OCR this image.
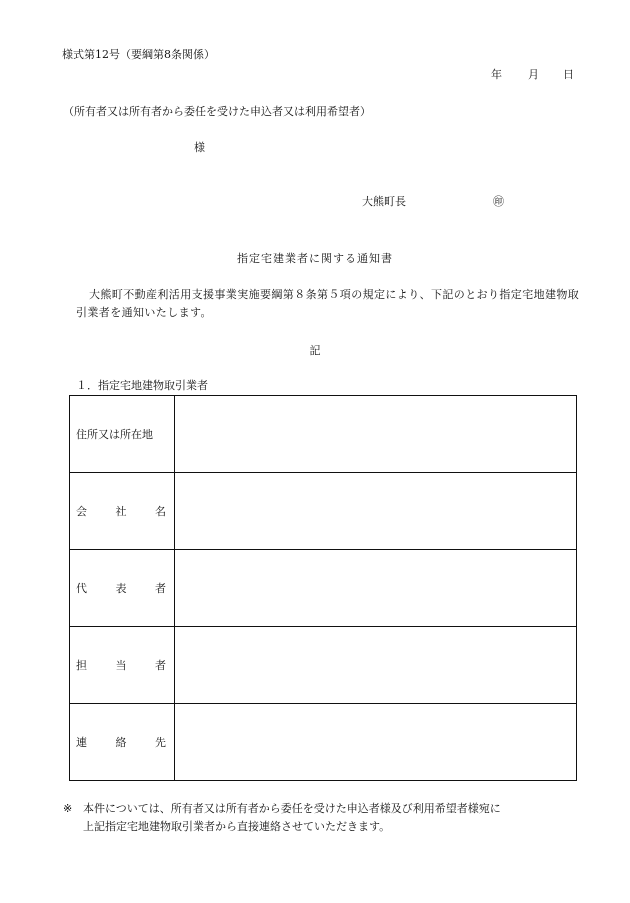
様式第12号（要綱第8条関係）
年 月 日
（所有者又は所有者から委任を受けた申込者又は利用希望者）
様
大熊町長	㊞
指定宅建業者に関する通知書
大熊町不動産利活用支援事業実施要綱第８条第５項の規定により、下記のとおり指定宅地建物取引業者を通知いたします。
記
１．指定宅地建物取引業者
住所又は所在地	

会 社 名	

代 表 者	

担 当 者	

連 絡 先	

※ 本件については、所有者又は所有者から委任を受けた申込者様及び利用希望者様宛に
上記指定宅地建物取引業者から直接連絡させていただきます。
